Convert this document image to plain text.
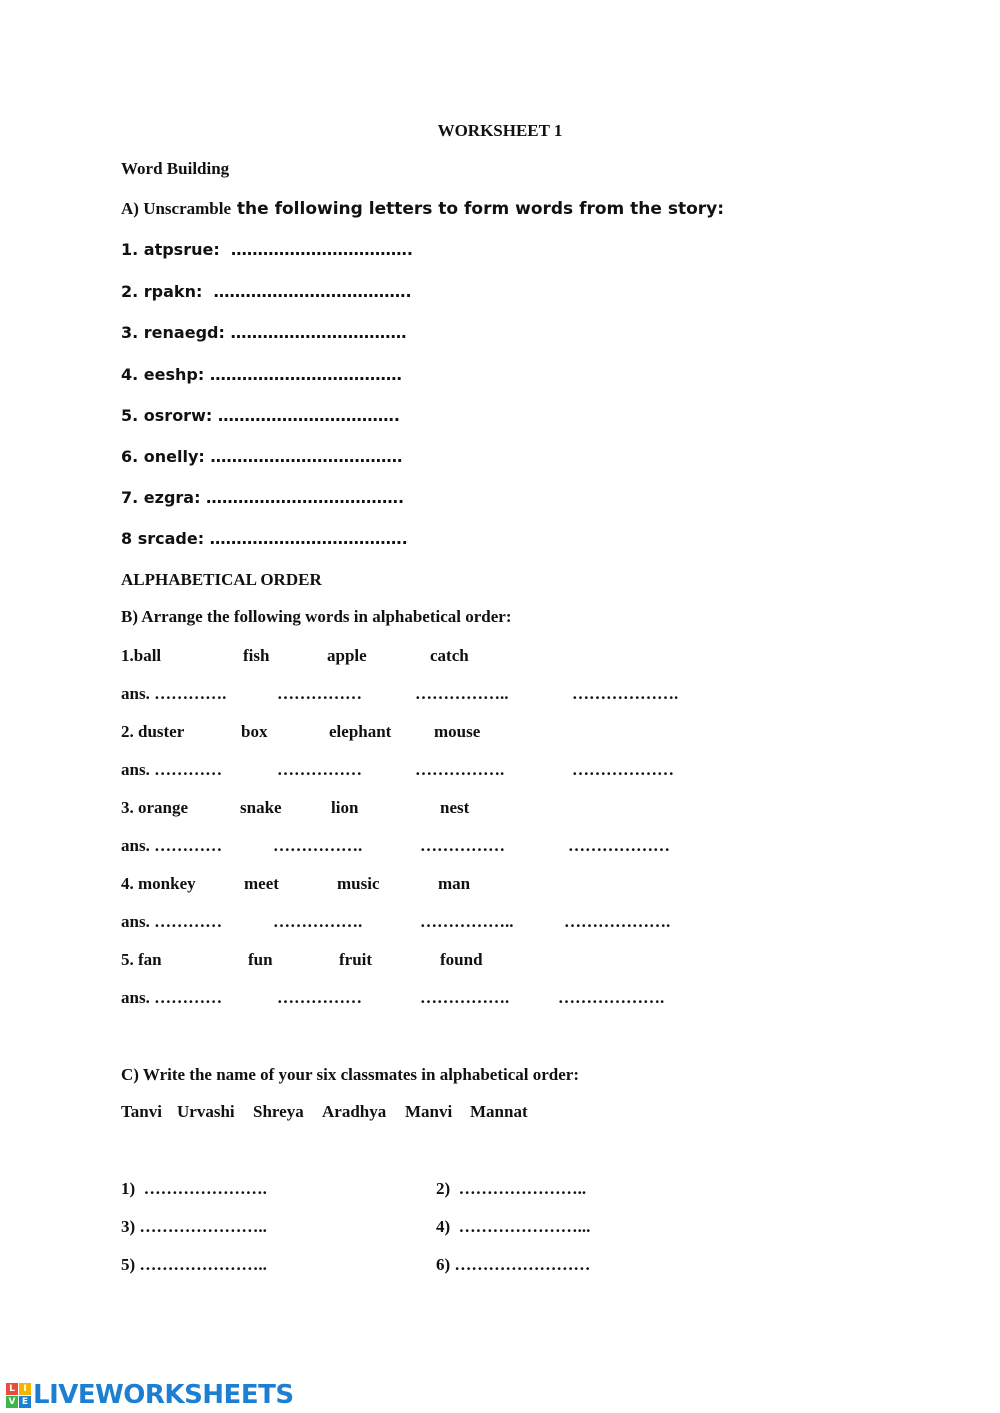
WORKSHEET 1
Word Building
A) Unscramble the following letters to form words from the story:
1. atpsrue:  …………………………….
2. rpakn:  ……………………………….
3. renaegd: ……………………………
4. eeshp: ………………………………
5. osrorw: …………………………….
6. onelly: ………………………………
7. ezgra: ……………………………….
8 srcade: ……………………………….
ALPHABETICAL ORDER
B) Arrange the following words in alphabetical order:
1.ball	fish	apple	catch
ans. ………….	……………	……………..	……………….
2. duster	box	elephant	mouse
ans. …………	……………	…………….	………………
3. orange	snake	lion	nest
ans. …………	…………….	……………	………………
4. monkey	meet	music	man
ans. …………	…………….	……………..	……………….
5. fan	fun	fruit	found
ans. …………	……………	…………….	……………….
C) Write the name of your six classmates in alphabetical order:
Tanvi Urvashi Shreya Aradhya Manvi Mannat
1)  ………………….	2)  …………………..
3) …………………..	4)  …………………...
5) …………………..	6) ……………………
L I
V E LIVEWORKSHEETS
